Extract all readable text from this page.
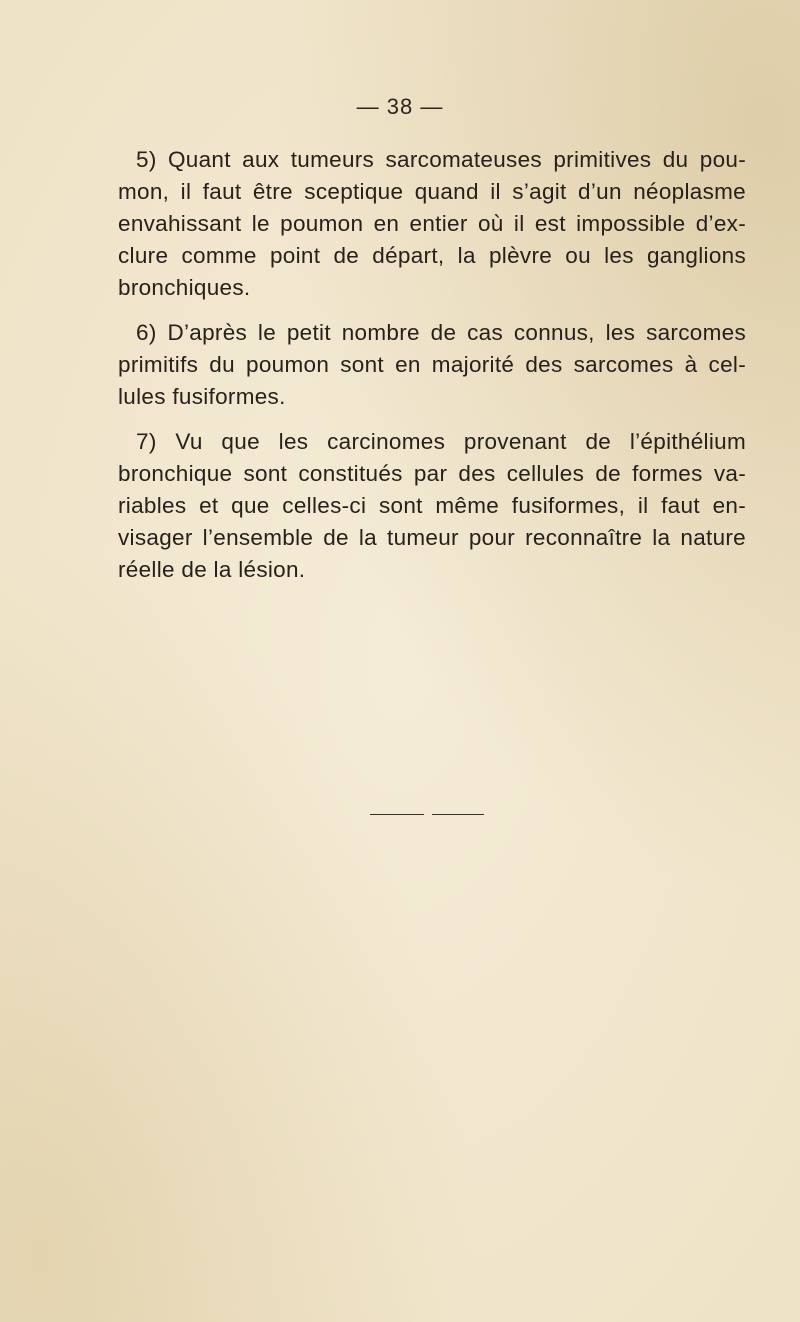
— 38 —
5) Quant aux tumeurs sarcomateuses primitives du pou-
mon, il faut être sceptique quand il s’agit d’un néoplasme
envahissant le poumon en entier où il est impossible d’ex-
clure comme point de départ, la plèvre ou les ganglions
bronchiques.
6) D’après le petit nombre de cas connus, les sarcomes
primitifs du poumon sont en majorité des sarcomes à cel-
lules fusiformes.
7) Vu que les carcinomes provenant de l’épithélium
bronchique sont constitués par des cellules de formes va-
riables et que celles-ci sont même fusiformes, il faut en-
visager l’ensemble de la tumeur pour reconnaître la nature
réelle de la lésion.
